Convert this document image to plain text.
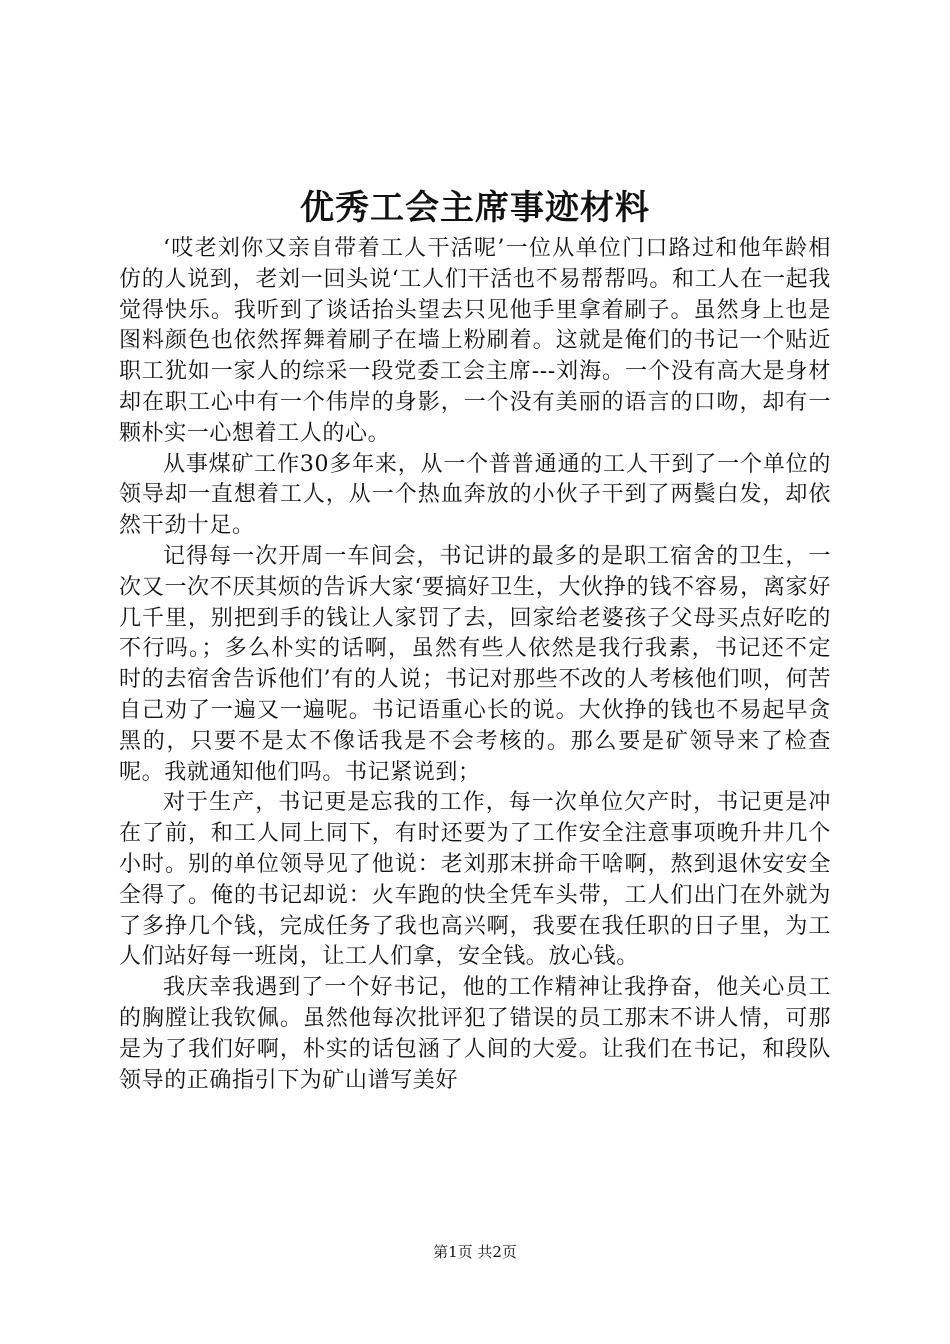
优秀工会主席事迹材料

‘哎老刘你又亲自带着工人干活呢’一位从单位门口路过和他年龄相仿的人说到，老刘一回头说‘工人们干活也不易帮帮吗。和工人在一起我觉得快乐。我听到了谈话抬头望去只见他手里拿着刷子。虽然身上也是图料颜色也依然挥舞着刷子在墙上粉刷着。这就是俺们的书记一个贴近职工犹如一家人的综采一段党委工会主席---刘海。一个没有高大是身材却在职工心中有一个伟岸的身影，一个没有美丽的语言的口吻，却有一颗朴实一心想着工人的心。

从事煤矿工作30多年来，从一个普普通通的工人干到了一个单位的领导却一直想着工人，从一个热血奔放的小伙子干到了两鬓白发，却依然干劲十足。

记得每一次开周一车间会，书记讲的最多的是职工宿舍的卫生，一次又一次不厌其烦的告诉大家‘要搞好卫生，大伙挣的钱不容易，离家好几千里，别把到手的钱让人家罚了去，回家给老婆孩子父母买点好吃的不行吗。；多么朴实的话啊，虽然有些人依然是我行我素，书记还不定时的去宿舍告诉他们’有的人说；书记对那些不改的人考核他们呗，何苦自己劝了一遍又一遍呢。书记语重心长的说。大伙挣的钱也不易起早贪黑的，只要不是太不像话我是不会考核的。那么要是矿领导来了检查呢。我就通知他们吗。书记紧说到；

对于生产，书记更是忘我的工作，每一次单位欠产时，书记更是冲在了前，和工人同上同下，有时还要为了工作安全注意事项晚升井几个小时。别的单位领导见了他说：老刘那末拼命干啥啊，熬到退休安安全全得了。俺的书记却说：火车跑的快全凭车头带，工人们出门在外就为了多挣几个钱，完成任务了我也高兴啊，我要在我任职的日子里，为工人们站好每一班岗，让工人们拿，安全钱。放心钱。

我庆幸我遇到了一个好书记，他的工作精神让我挣奋，他关心员工的胸膛让我钦佩。虽然他每次批评犯了错误的员工那末不讲人情，可那是为了我们好啊，朴实的话包涵了人间的大爱。让我们在书记，和段队领导的正确指引下为矿山谱写美好

第1页 共2页
